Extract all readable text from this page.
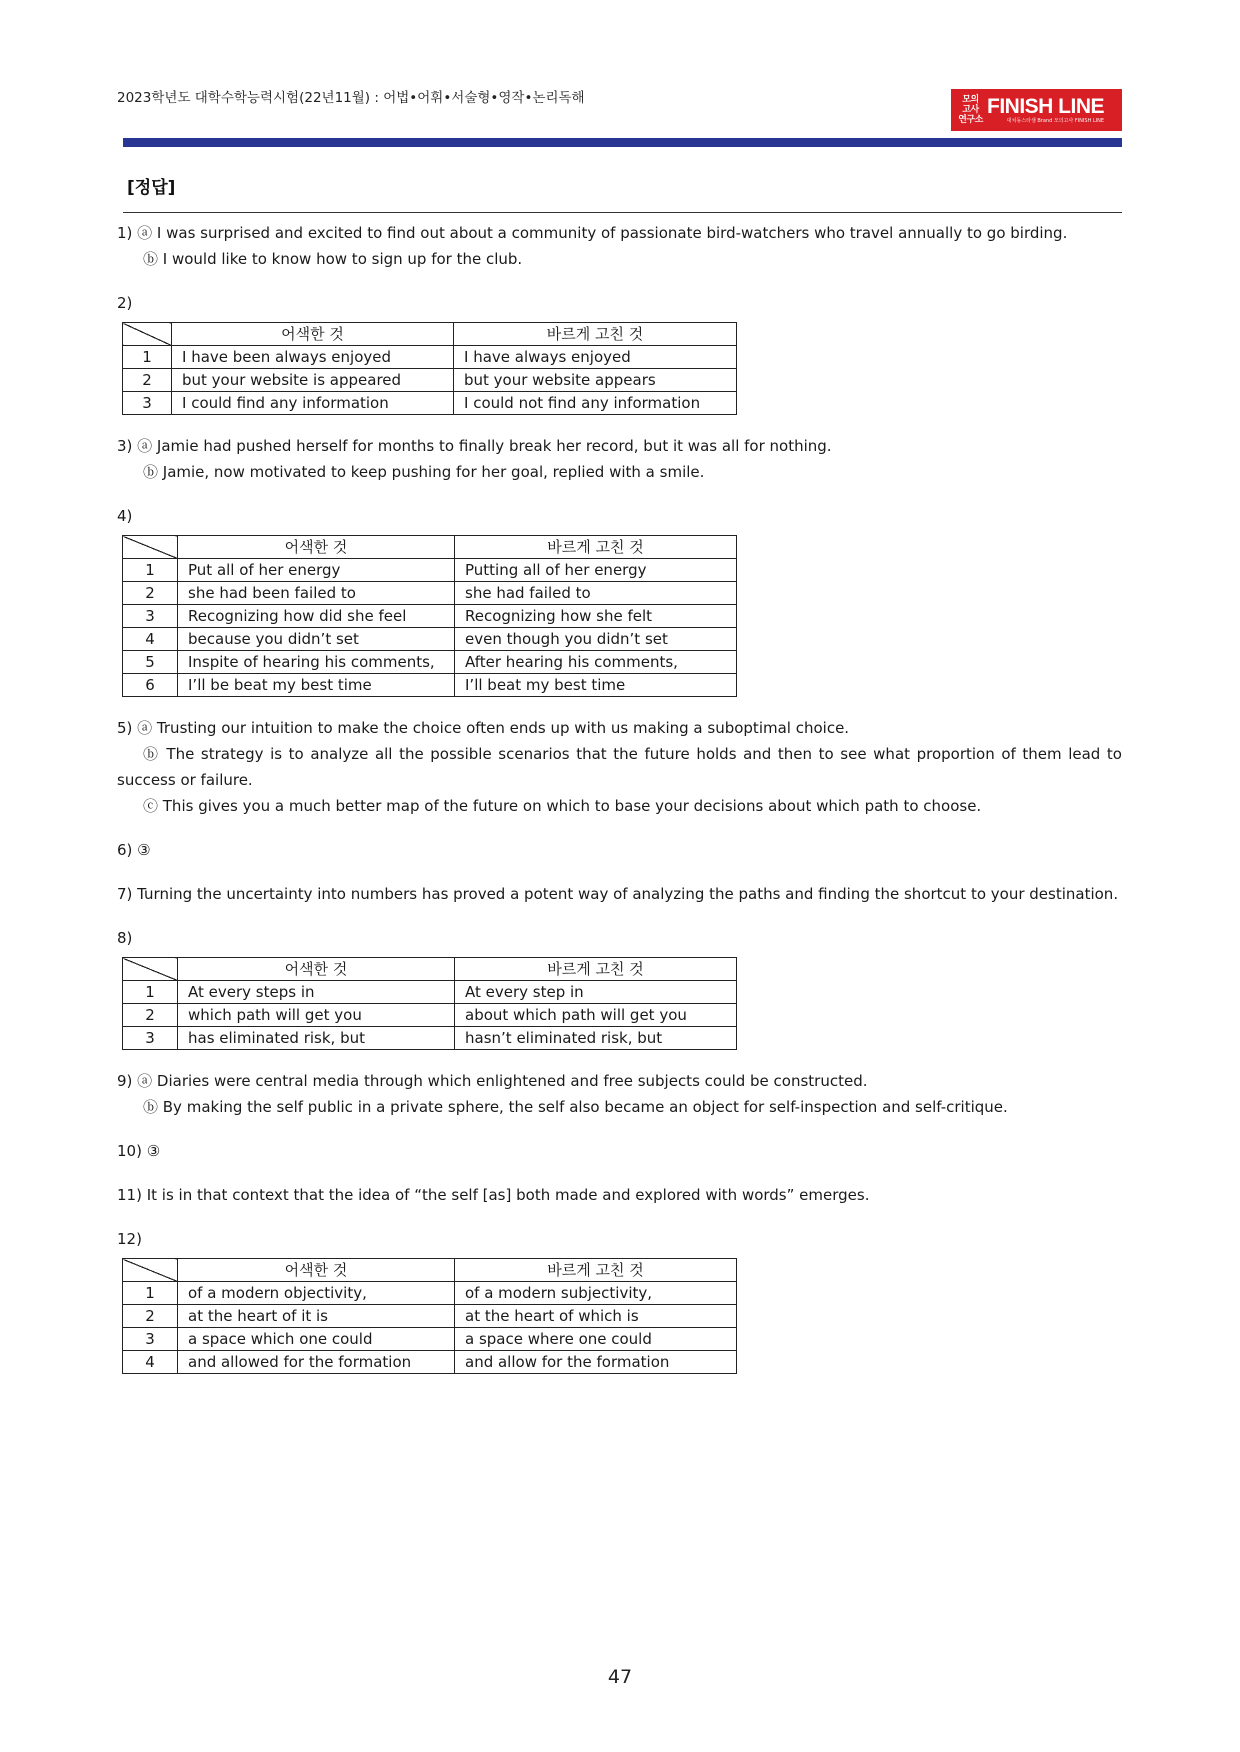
2023학년도 대학수학능력시험(22년11월) : 어법•어휘•서술형•영작•논리독해	모의
고사
연구소
FINISH LINE
대치동스타샘 Brand 모의고사 FINISH LINE
[정답]

1) ⓐ I was surprised and excited to find out about a community of passionate bird-watchers who travel annually to go birding.

ⓑ I would like to know how to sign up for the club.

2)

	어색한 것	바르게 고친 것
1	I have been always enjoyed	I have always enjoyed
2	but your website is appeared	but your website appears
3	I could find any information	I could not find any information

3) ⓐ Jamie had pushed herself for months to finally break her record, but it was all for nothing.

ⓑ Jamie, now motivated to keep pushing for her goal, replied with a smile.

4)

	어색한 것	바르게 고친 것
1	Put all of her energy	Putting all of her energy
2	she had been failed to	she had failed to
3	Recognizing how did she feel	Recognizing how she felt
4	because you didn’t set	even though you didn’t set
5	Inspite of hearing his comments,	After hearing his comments,
6	I’ll be beat my best time	I’ll beat my best time

5) ⓐ Trusting our intuition to make the choice often ends up with us making a suboptimal choice.

ⓑ The strategy is to analyze all the possible scenarios that the future holds and then to see what proportion of them lead to success or failure.

ⓒ This gives you a much better map of the future on which to base your decisions about which path to choose.

6) ③

7) Turning the uncertainty into numbers has proved a potent way of analyzing the paths and finding the shortcut to your destination.

8)

	어색한 것	바르게 고친 것
1	At every steps in	At every step in
2	which path will get you	about which path will get you
3	has eliminated risk, but	hasn’t eliminated risk, but

9) ⓐ Diaries were central media through which enlightened and free subjects could be constructed.

ⓑ By making the self public in a private sphere, the self also became an object for self-inspection and self-critique.

10) ③

11) It is in that context that the idea of “the self [as] both made and explored with words” emerges.

12)

	어색한 것	바르게 고친 것
1	of a modern objectivity,	of a modern subjectivity,
2	at the heart of it is	at the heart of which is
3	a space which one could	a space where one could
4	and allowed for the formation	and allow for the formation
47
